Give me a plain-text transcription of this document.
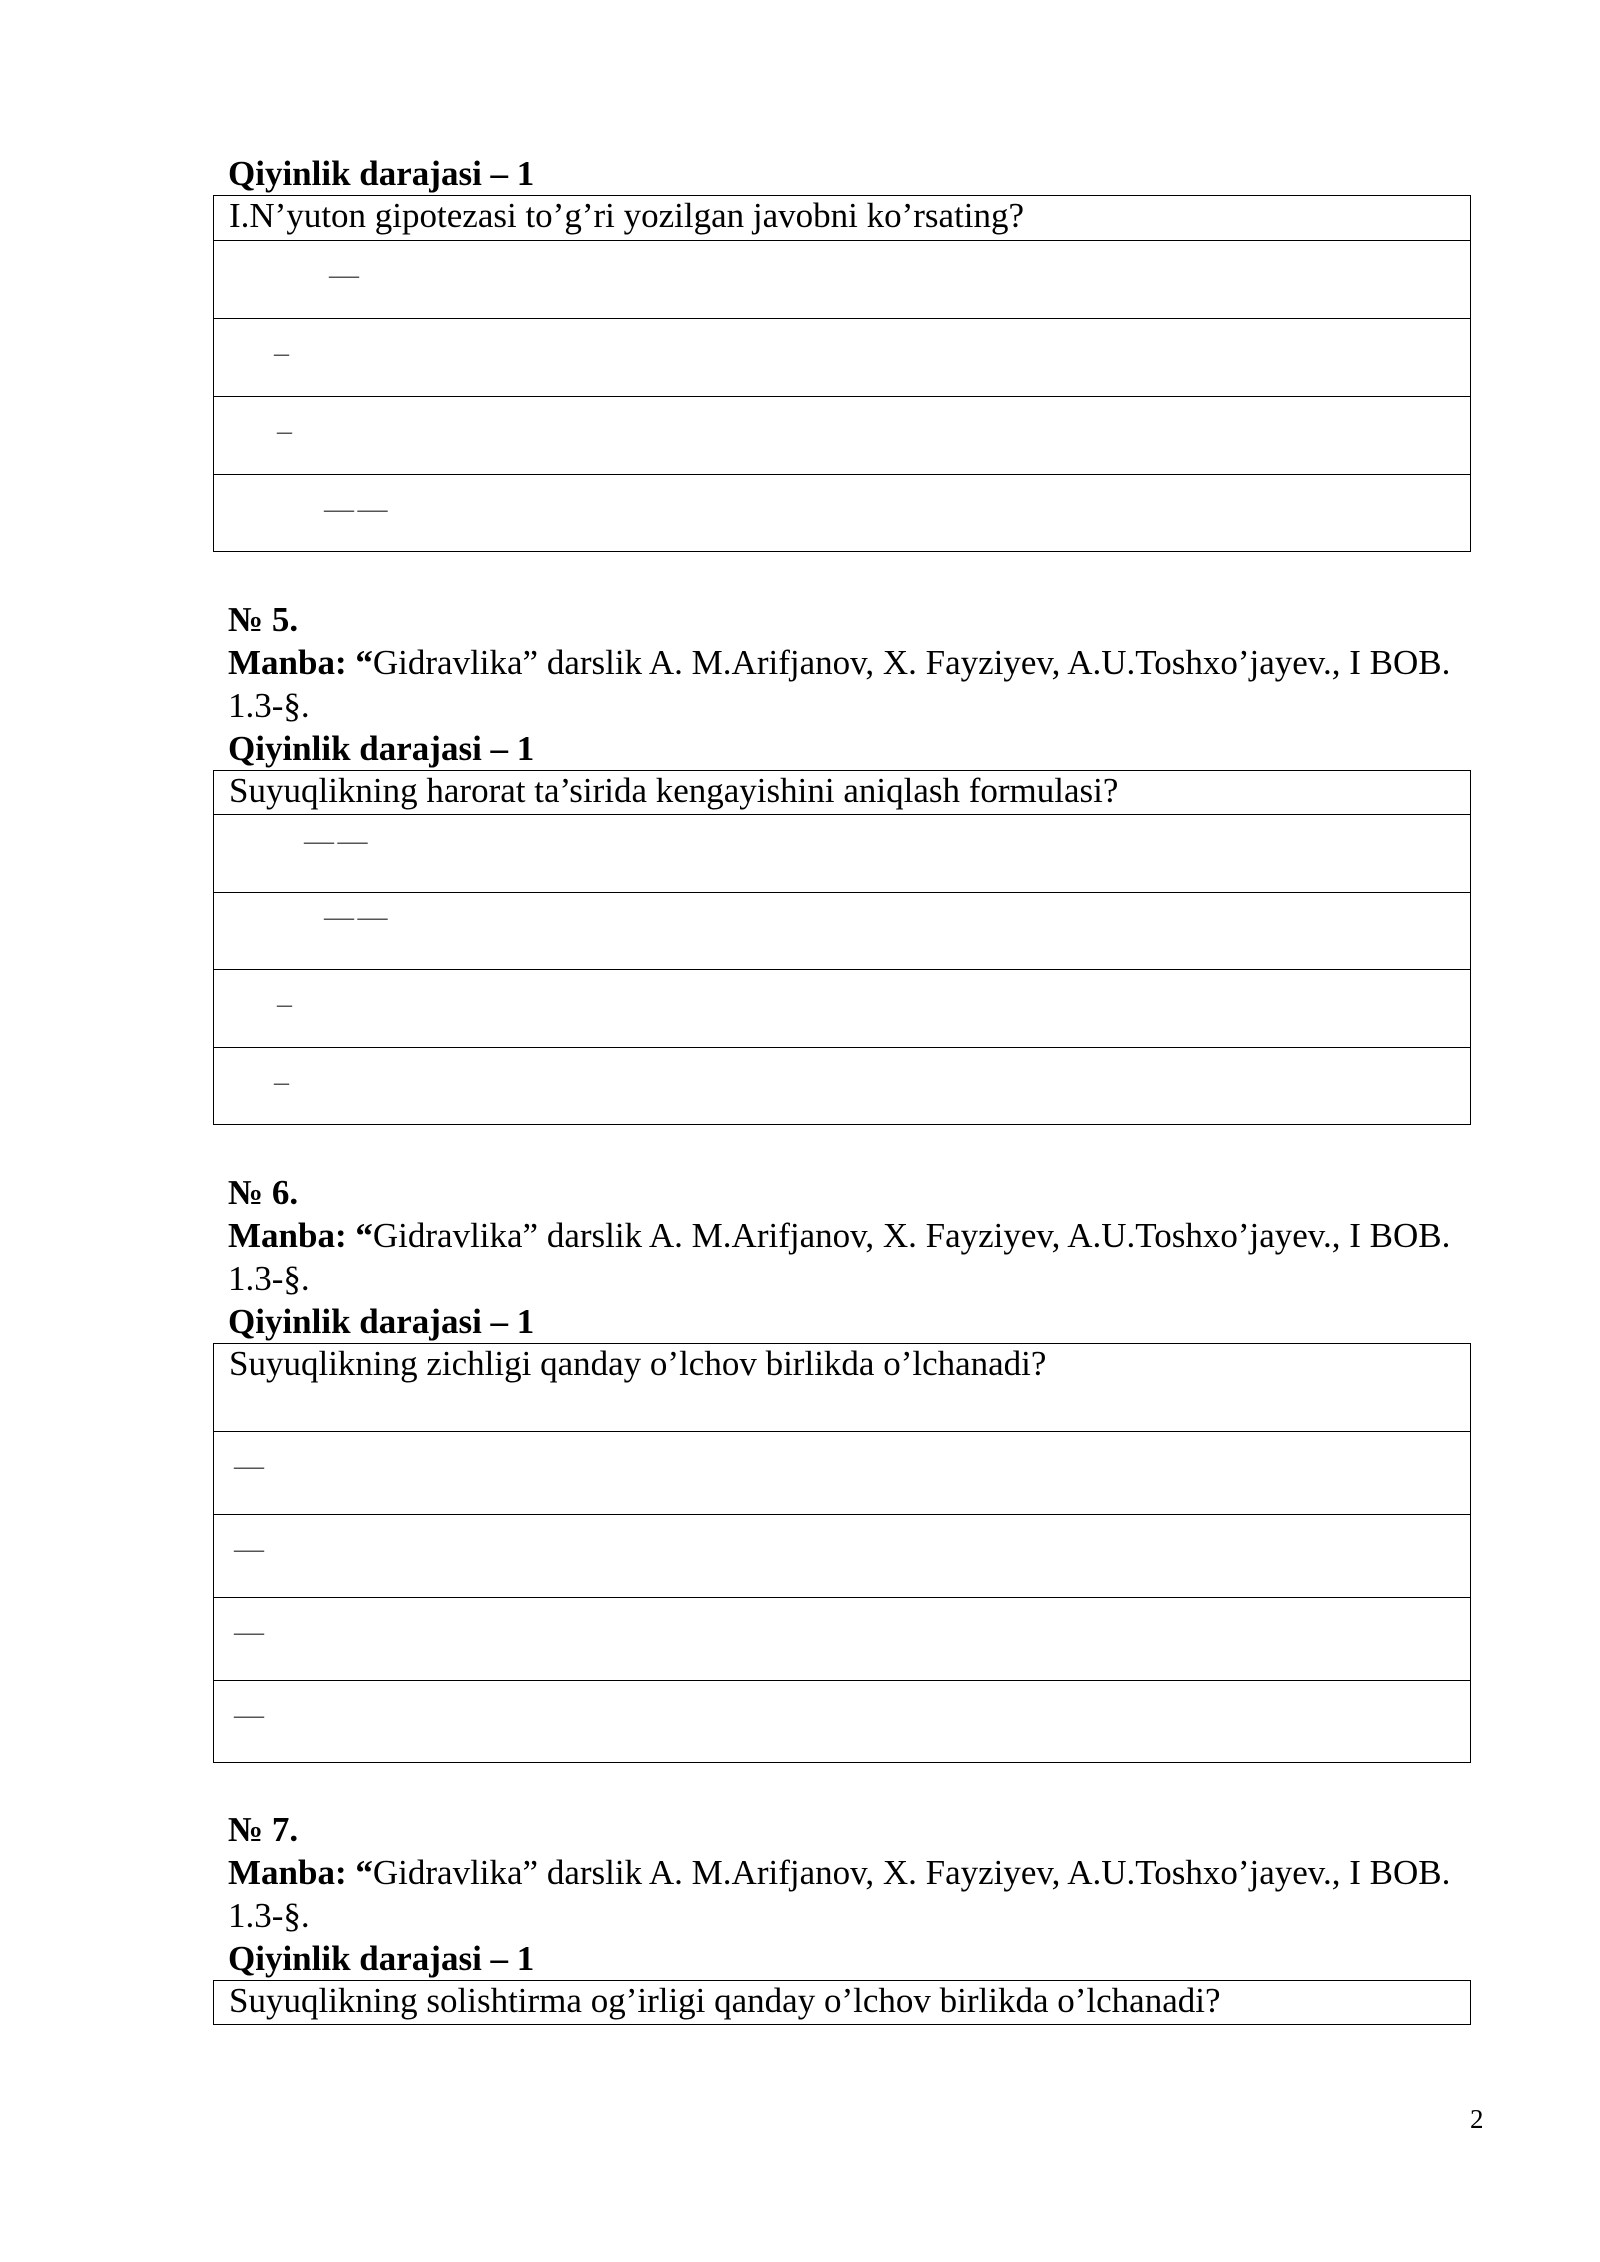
Qiyinlik darajasi – 1
I.N’yuton gipotezasi to’g’ri yozilgan javobni ko’rsating?
—
–
–
— —
№ 5.
Manba: “Gidravlika” darslik A. M.Arifjanov, X. Fayziyev, A.U.Toshxo’jayev., I BOB. 1.3-§.
Qiyinlik darajasi – 1
Suyuqlikning harorat ta’sirida kengayishini aniqlash formulasi?
— —
— —
–
–
№ 6.
Manba: “Gidravlika” darslik A. M.Arifjanov, X. Fayziyev, A.U.Toshxo’jayev., I BOB. 1.3-§.
Qiyinlik darajasi – 1
Suyuqlikning zichligi qanday o’lchov birlikda o’lchanadi?
—
—
—
—
№ 7.
Manba: “Gidravlika” darslik A. M.Arifjanov, X. Fayziyev, A.U.Toshxo’jayev., I BOB. 1.3-§.
Qiyinlik darajasi – 1
Suyuqlikning solishtirma og’irligi qanday o’lchov birlikda o’lchanadi?
2
